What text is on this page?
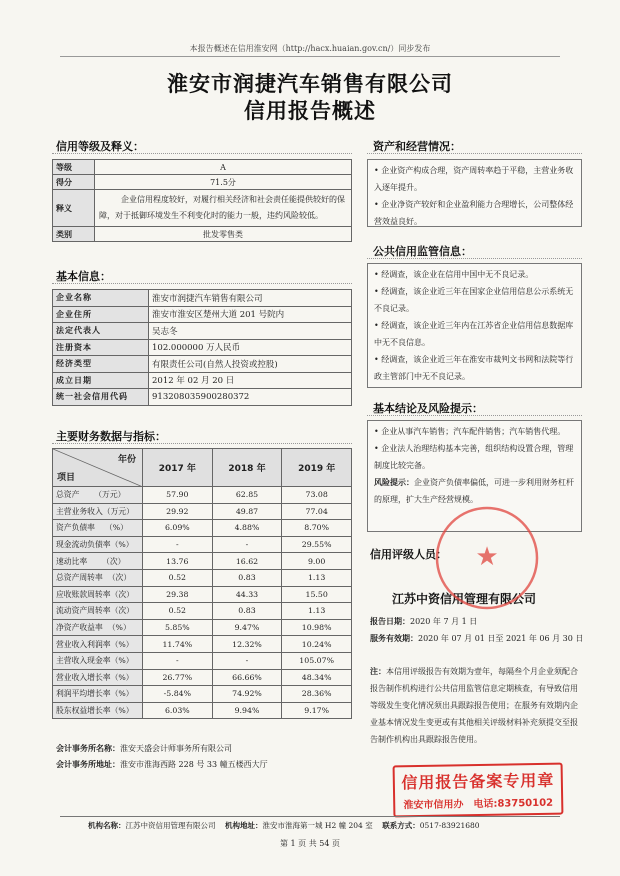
本报告概述在信用淮安网（http://hacx.huaian.gov.cn/）同步发布
淮安市润捷汽车销售有限公司
信用报告概述
信用等级及释义：
等级	A
得分	71.5分
释义	企业信用程度较好，对履行相关经济和社会责任能提供较好的保障，对于抵御环境发生不利变化时的能力一般，违约风险较低。
类别	批发零售类
基本信息：
企业名称	淮安市润捷汽车销售有限公司
企业住所	淮安市淮安区楚州大道 201 号院内
法定代表人	吴志冬
注册资本	102.000000 万人民币
经济类型	有限责任公司(自然人投资或控股)
成立日期	2012 年 02 月 20 日
统一社会信用代码	913208035900280372
主要财务数据与指标：
年份
项目	2017 年	2018 年	2019 年
总资产      （万元）	57.90	62.85	73.08
主营业务收入（万元）	29.92	49.87	77.04
资产负债率    （%）	6.09%	4.88%	8.70%
现金流动负债率（%）	-	-	29.55%
速动比率      （次）	13.76	16.62	9.00
总资产周转率  （次）	0.52	0.83	1.13
应收账款周转率（次）	29.38	44.33	15.50
流动资产周转率（次）	0.52	0.83	1.13
净资产收益率  （%）	5.85%	9.47%	10.98%
营业收入利润率（%）	11.74%	12.32%	10.24%
主营收入现金率（%）	-	-	105.07%
营业收入增长率（%）	26.77%	66.66%	48.34%
利润平均增长率（%）	-5.84%	74.92%	28.36%
股东权益增长率（%）	6.03%	9.94%	9.17%
会计事务所名称：淮安天盛会计师事务所有限公司
会计事务所地址：淮安市淮海西路 228 号 33 幢五楼西大厅
资产和经营情况：

• 企业资产构成合理，资产周转率趋于平稳，主营业务收入逐年提升。

• 企业净资产较好和企业盈利能力合理增长，公司整体经营效益良好。

公共信用监管信息：

• 经调查，该企业在信用中国中无不良记录。

• 经调查，该企业近三年在国家企业信用信息公示系统无不良记录。

• 经调查，该企业近三年内在江苏省企业信用信息数据库中无不良信息。

• 经调查，该企业近三年在淮安市裁判文书网和法院等行政主管部门中无不良记录。

基本结论及风险提示：

• 企业从事汽车销售；汽车配件销售；汽车销售代理。

• 企业法人治理结构基本完善，组织结构设置合理，管理制度比较完备。

风险提示：企业资产负债率偏低，可进一步利用财务杠杆的原理，扩大生产经营规模。

信用评级人员：
江苏中资信用管理有限公司
报告日期：2020 年 7 月 1 日
服务有效期：2020 年 07 月 01 日至 2021 年 06 月 30 日
★
注：本信用评级报告有效期为壹年，每隔叁个月企业须配合报告制作机构进行公共信用监管信息定期核查，有导致信用等级发生变化情况须出具跟踪报告使用；在服务有效期内企业基本情况发生变更或有其他相关评级材料补充须提交至报告制作机构出具跟踪报告使用。
信用报告备案专用章
淮安市信用办　电话:83750102
机构名称：江苏中资信用管理有限公司 机构地址：淮安市淮海第一城 H2 幢 204 室 联系方式：0517-83921680
第 1 页 共 54 页
